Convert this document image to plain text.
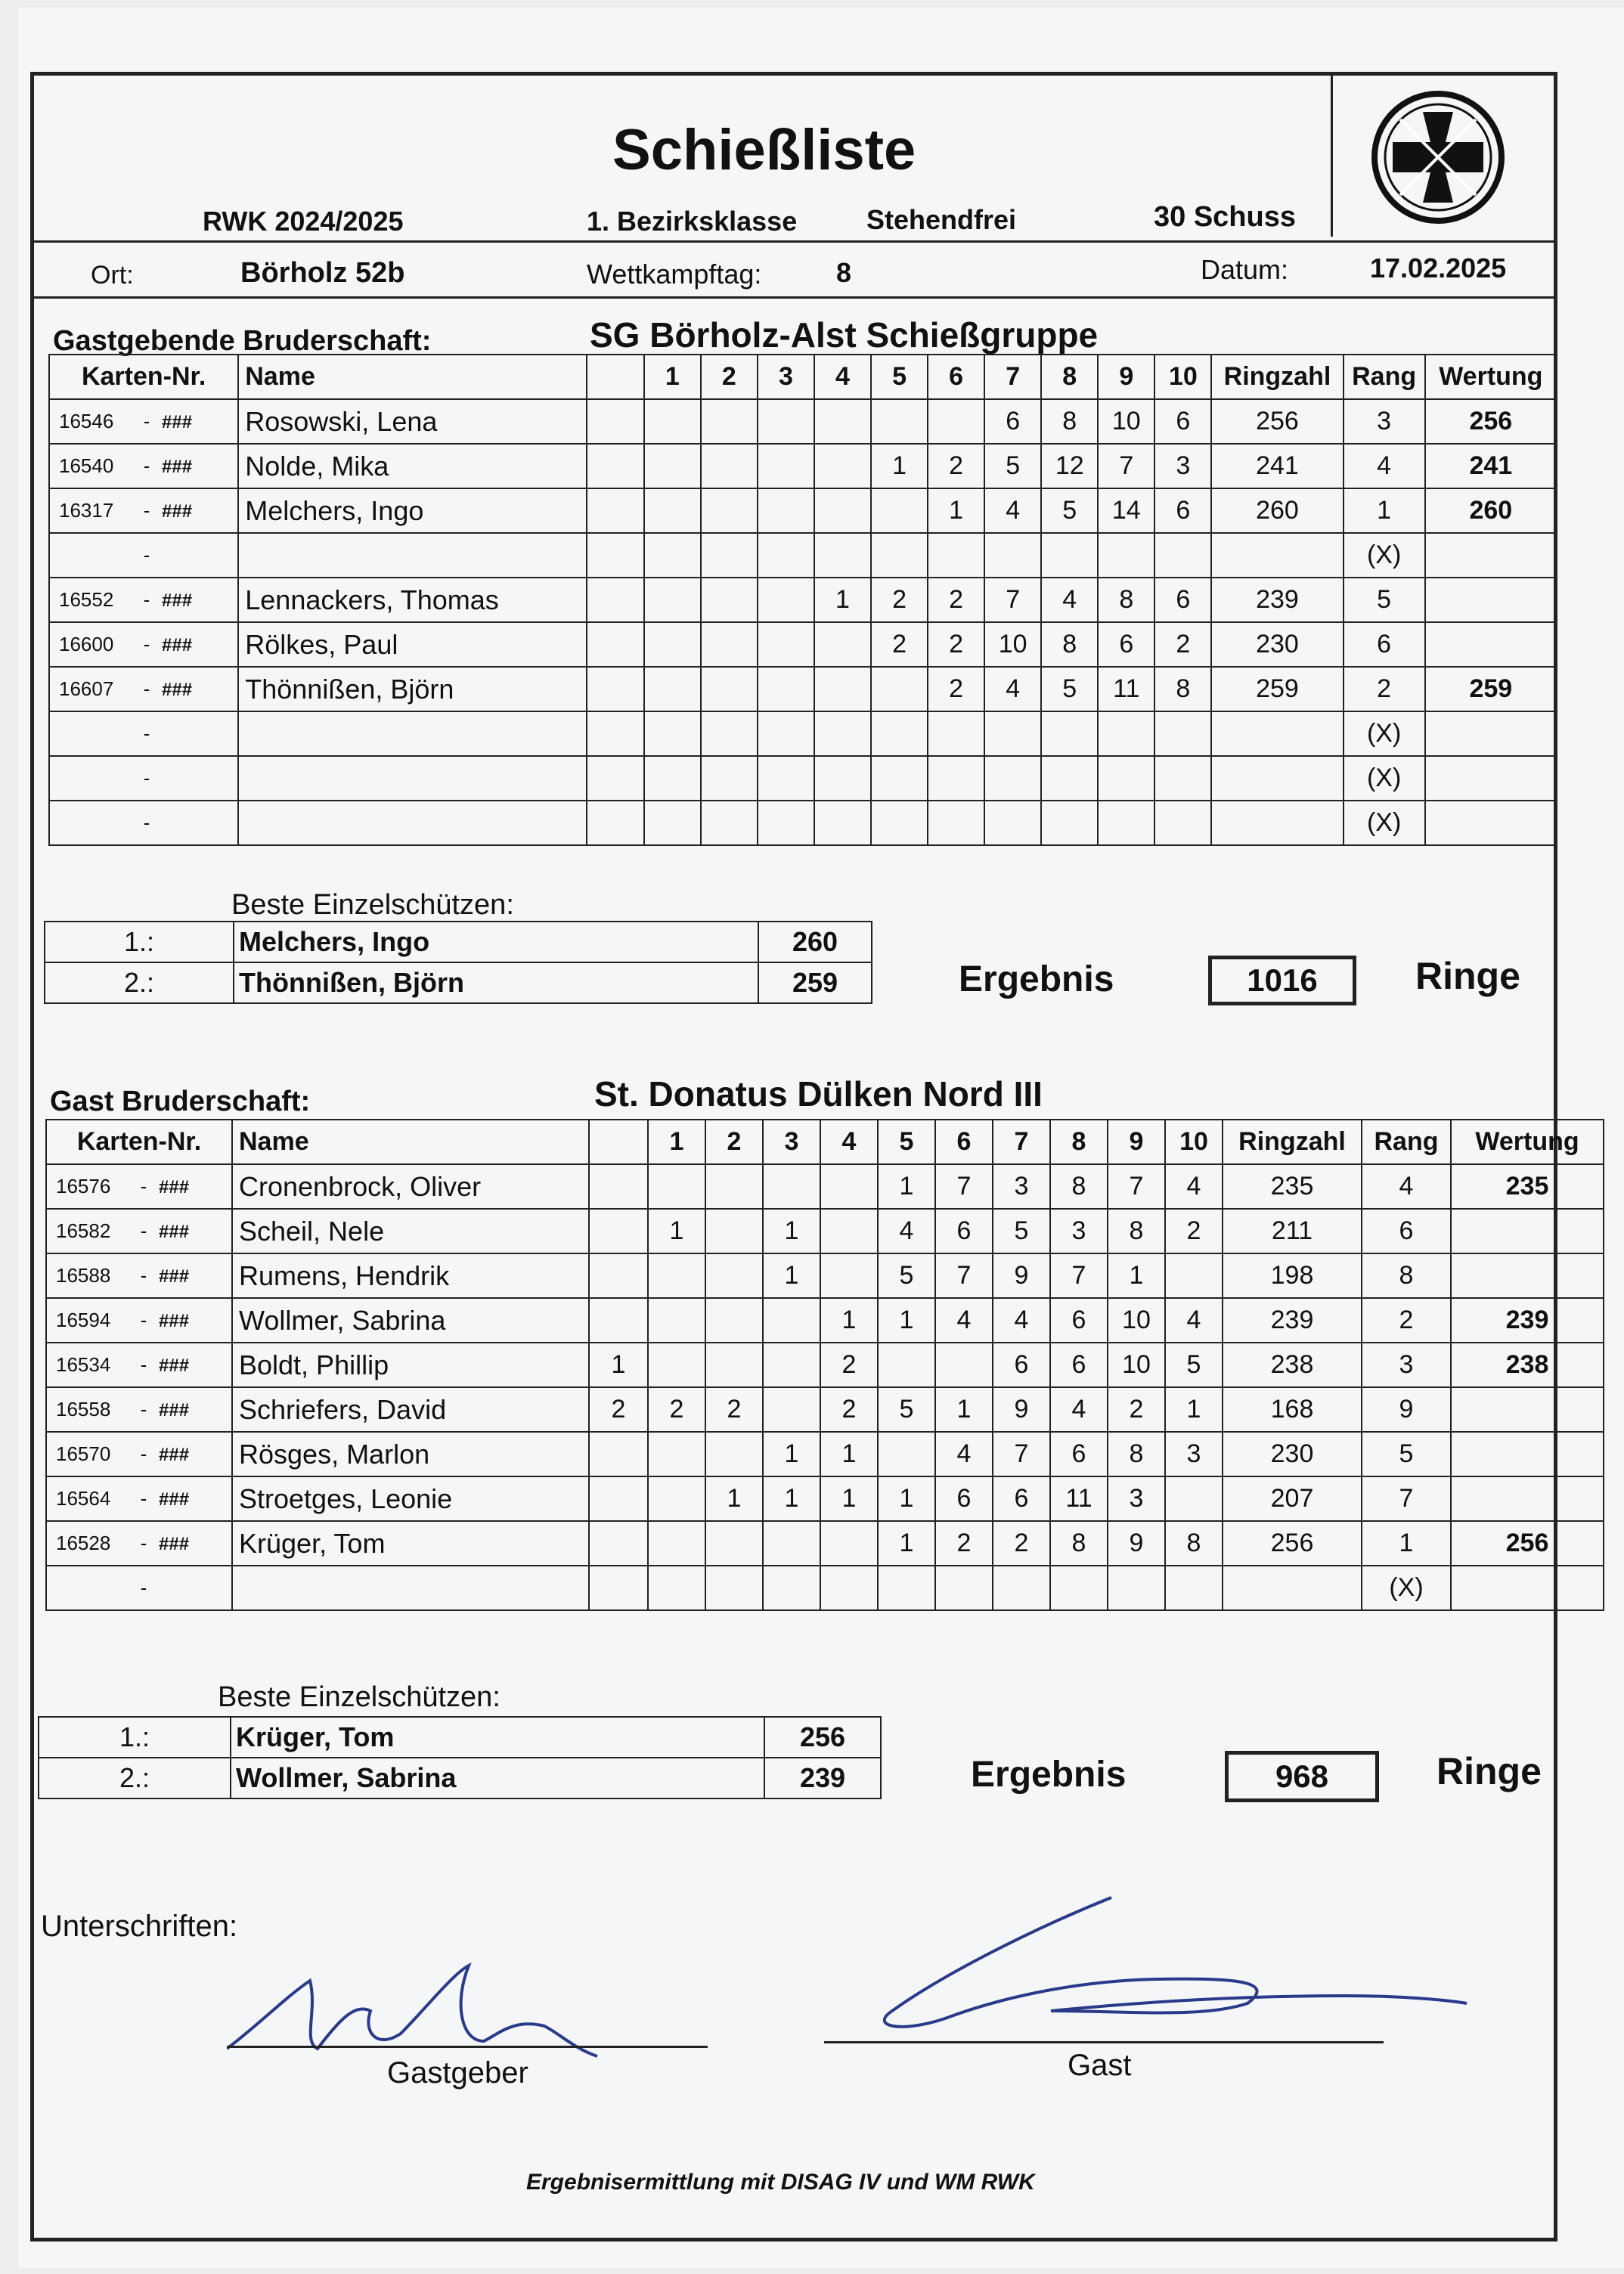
Schießliste
RWK 2024/2025	1. Bezirksklasse	Stehendfrei	30 Schuss
Ort:	Börholz 52b	Wettkampftag:	8	Datum:	17.02.2025
Gastgebende Bruderschaft:	SG Börholz-Alst Schießgruppe
Karten-Nr.	Name		1	2	3	4	5	6	7	8	9	10	Ringzahl	Rang	Wertung
16546 - ###	Rosowski, Lena								6	8	10	6	256	3	256
16540 - ###	Nolde, Mika						1	2	5	12	7	3	241	4	241
16317 - ###	Melchers, Ingo							1	4	5	14	6	260	1	260
-														(X)	
16552 - ###	Lennackers, Thomas					1	2	2	7	4	8	6	239	5	
16600 - ###	Rölkes, Paul						2	2	10	8	6	2	230	6	
16607 - ###	Thönnißen, Björn							2	4	5	11	8	259	2	259
-														(X)	
-														(X)	
-														(X)	
Beste Einzelschützen:
1.:	Melchers, Ingo	260
2.:	Thönnißen, Björn	259	Ergebnis	1016	Ringe
Gast Bruderschaft:	St. Donatus Dülken Nord III
Karten-Nr.	Name		1	2	3	4	5	6	7	8	9	10	Ringzahl	Rang	Wertung
16576 - ###	Cronenbrock, Oliver						1	7	3	8	7	4	235	4	235
16582 - ###	Scheil, Nele		1		1		4	6	5	3	8	2	211	6	
16588 - ###	Rumens, Hendrik				1		5	7	9	7	1		198	8	
16594 - ###	Wollmer, Sabrina					1	1	4	4	6	10	4	239	2	239
16534 - ###	Boldt, Phillip	1				2			6	6	10	5	238	3	238
16558 - ###	Schriefers, David	2	2	2		2	5	1	9	4	2	1	168	9	
16570 - ###	Rösges, Marlon				1	1		4	7	6	8	3	230	5	
16564 - ###	Stroetges, Leonie			1	1	1	1	6	6	11	3		207	7	
16528 - ###	Krüger, Tom						1	2	2	8	9	8	256	1	256
-														(X)	
Beste Einzelschützen:
1.:	Krüger, Tom	256
2.:	Wollmer, Sabrina	239	Ergebnis	968	Ringe
Unterschriften:
Gastgeber	Gast
Ergebnisermittlung mit DISAG IV und WM RWK
